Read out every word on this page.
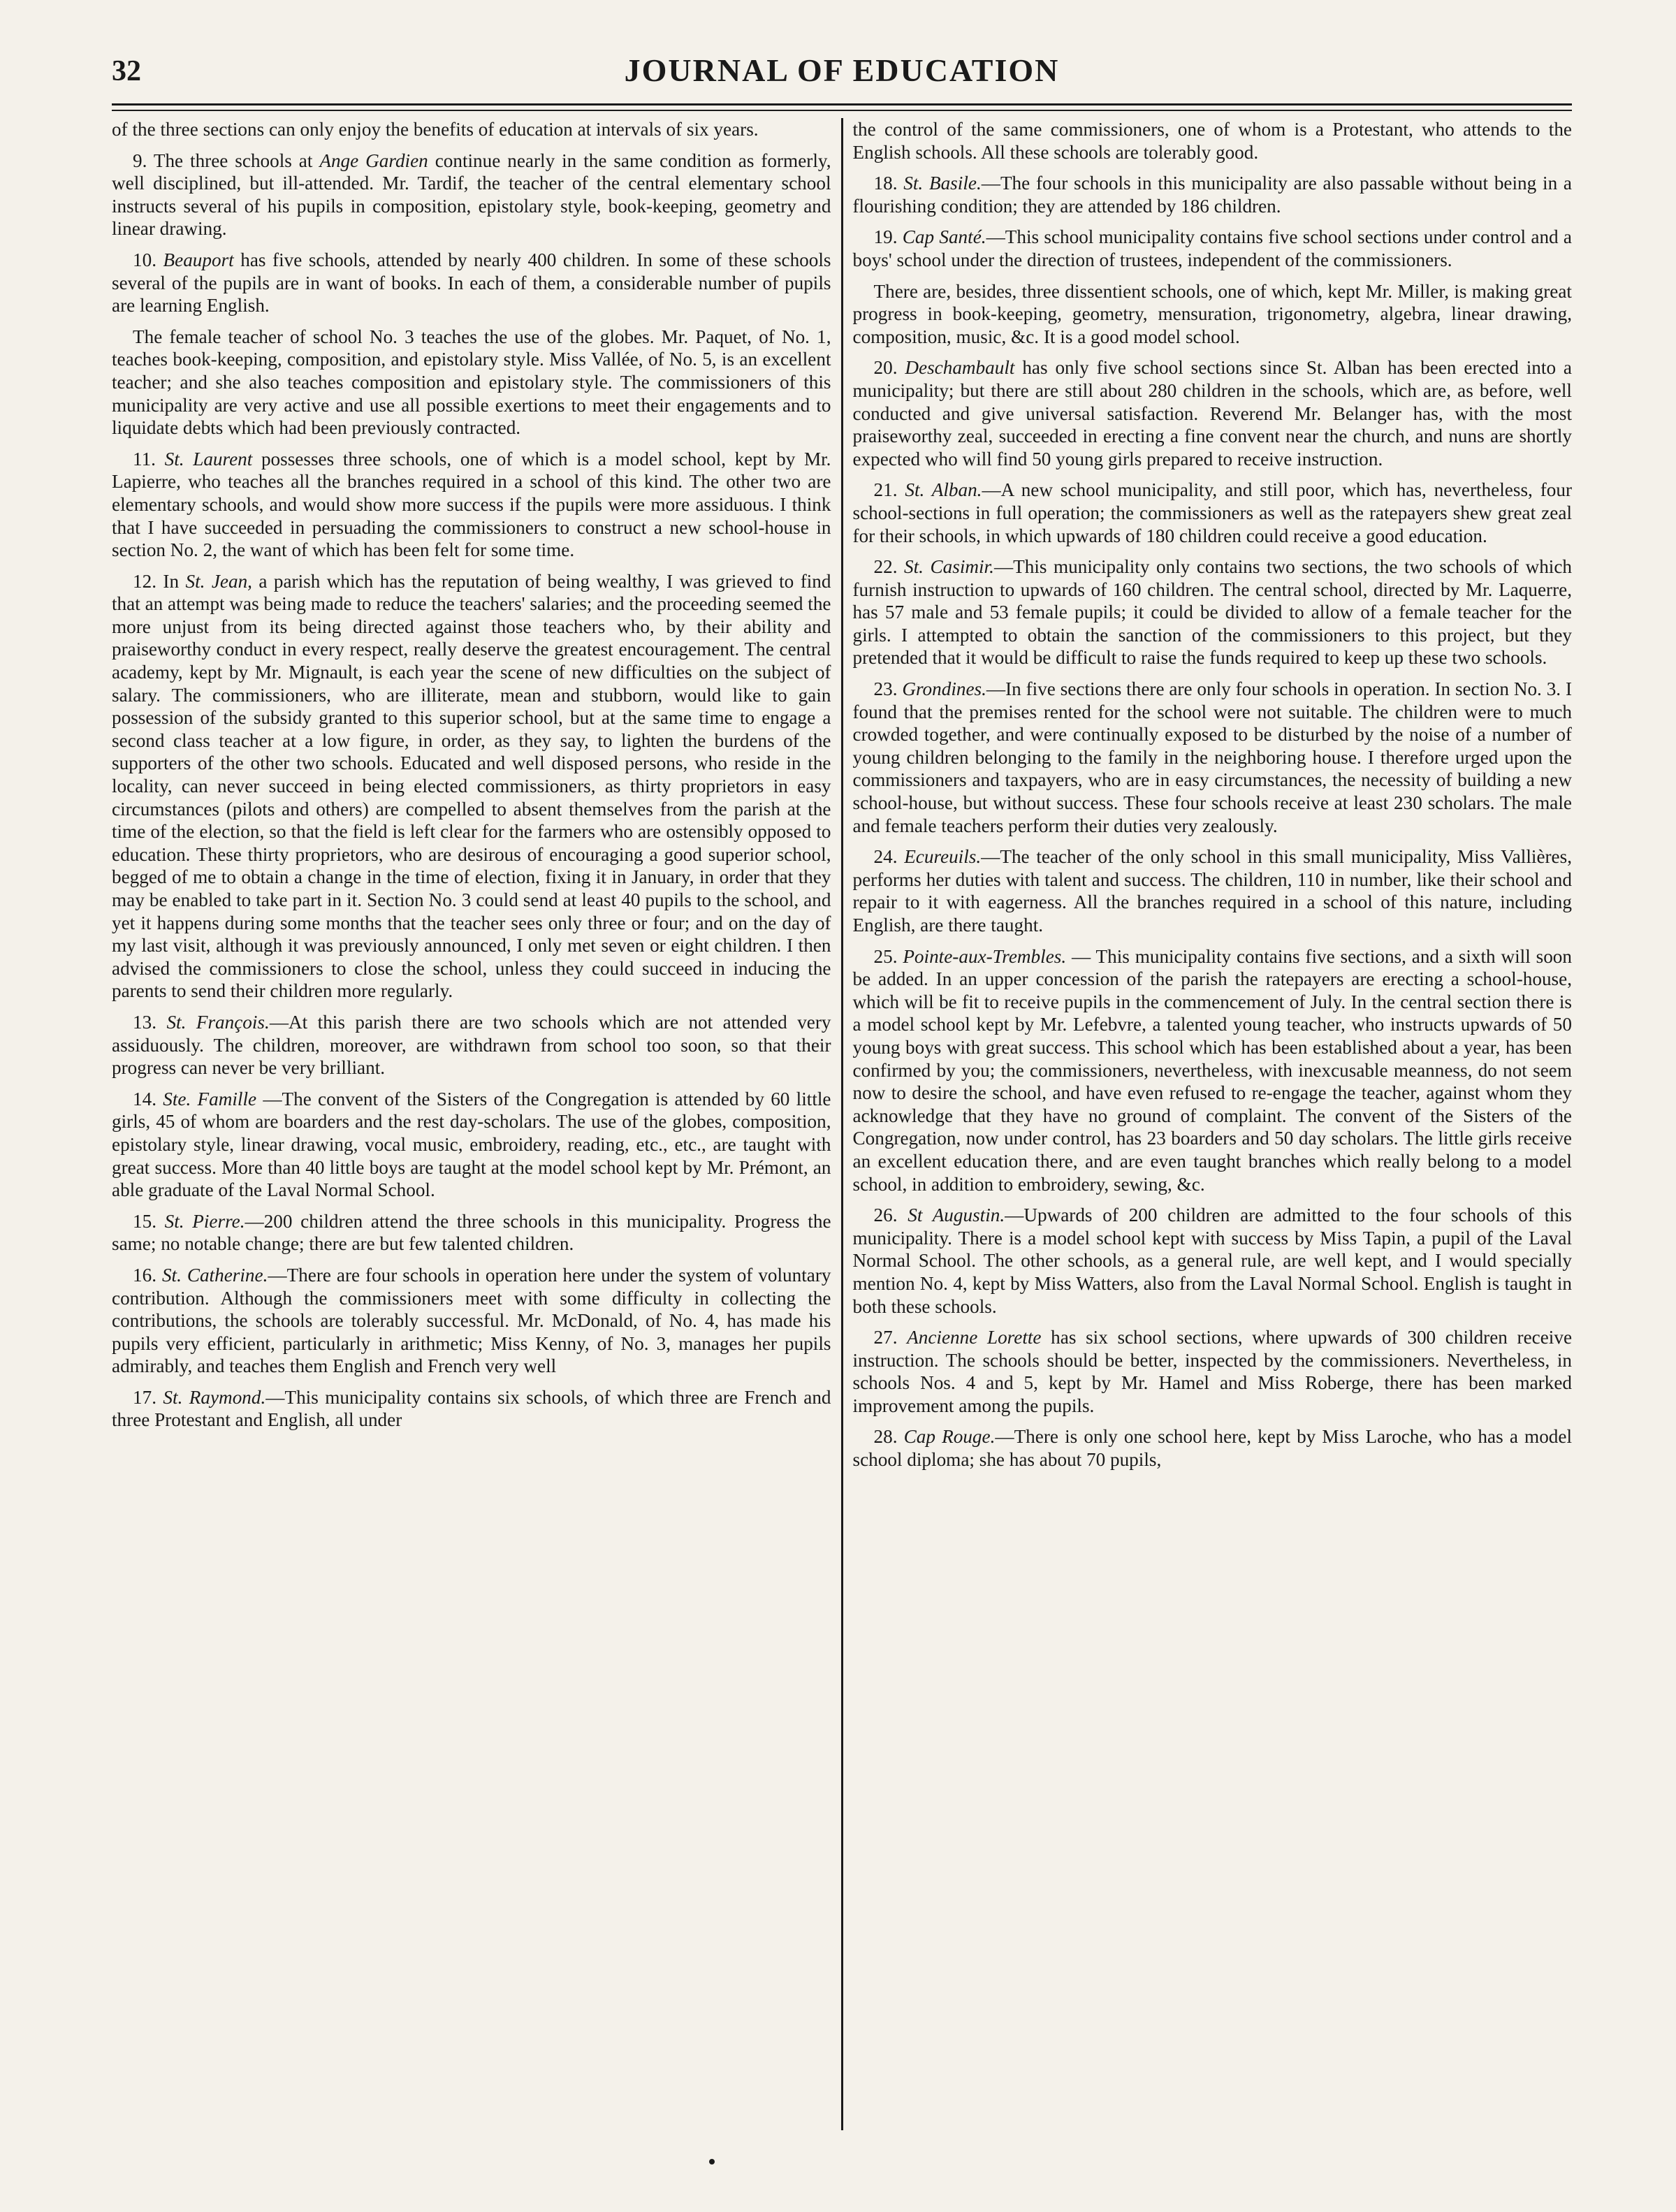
32	JOURNAL OF EDUCATION

of the three sections can only enjoy the benefits of education at intervals of six years.

9. The three schools at Ange Gardien continue nearly in the same condition as formerly, well disciplined, but ill-attended. Mr. Tardif, the teacher of the central elementary school instructs several of his pupils in composition, epistolary style, book-keeping, geometry and linear drawing.

10. Beauport has five schools, attended by nearly 400 children. In some of these schools several of the pupils are in want of books. In each of them, a considerable number of pupils are learning English.

The female teacher of school No. 3 teaches the use of the globes. Mr. Paquet, of No. 1, teaches book-keeping, composition, and epistolary style. Miss Vallée, of No. 5, is an excellent teacher; and she also teaches composition and epistolary style. The commissioners of this municipality are very active and use all possible exertions to meet their engagements and to liquidate debts which had been previously contracted.

11. St. Laurent possesses three schools, one of which is a model school, kept by Mr. Lapierre, who teaches all the branches required in a school of this kind. The other two are elementary schools, and would show more success if the pupils were more assiduous. I think that I have succeeded in persuading the commissioners to construct a new school-house in section No. 2, the want of which has been felt for some time.

12. In St. Jean, a parish which has the reputation of being wealthy, I was grieved to find that an attempt was being made to reduce the teachers' salaries; and the proceeding seemed the more unjust from its being directed against those teachers who, by their ability and praiseworthy conduct in every respect, really deserve the greatest encouragement. The central academy, kept by Mr. Mignault, is each year the scene of new difficulties on the subject of salary. The commissioners, who are illiterate, mean and stubborn, would like to gain possession of the subsidy granted to this superior school, but at the same time to engage a second class teacher at a low figure, in order, as they say, to lighten the burdens of the supporters of the other two schools. Educated and well disposed persons, who reside in the locality, can never succeed in being elected commissioners, as thirty proprietors in easy circumstances (pilots and others) are compelled to absent themselves from the parish at the time of the election, so that the field is left clear for the farmers who are ostensibly opposed to education. These thirty proprietors, who are desirous of encouraging a good superior school, begged of me to obtain a change in the time of election, fixing it in January, in order that they may be enabled to take part in it. Section No. 3 could send at least 40 pupils to the school, and yet it happens during some months that the teacher sees only three or four; and on the day of my last visit, although it was previously announced, I only met seven or eight children. I then advised the commissioners to close the school, unless they could succeed in inducing the parents to send their children more regularly.

13. St. François.—At this parish there are two schools which are not attended very assiduously. The children, moreover, are withdrawn from school too soon, so that their progress can never be very brilliant.

14. Ste. Famille —The convent of the Sisters of the Congregation is attended by 60 little girls, 45 of whom are boarders and the rest day-scholars. The use of the globes, composition, epistolary style, linear drawing, vocal music, embroidery, reading, etc., etc., are taught with great success. More than 40 little boys are taught at the model school kept by Mr. Prémont, an able graduate of the Laval Normal School.

15. St. Pierre.—200 children attend the three schools in this municipality. Progress the same; no notable change; there are but few talented children.

16. St. Catherine.—There are four schools in operation here under the system of voluntary contribution. Although the commissioners meet with some difficulty in collecting the contributions, the schools are tolerably successful. Mr. McDonald, of No. 4, has made his pupils very efficient, particularly in arithmetic; Miss Kenny, of No. 3, manages her pupils admirably, and teaches them English and French very well

17. St. Raymond.—This municipality contains six schools, of which three are French and three Protestant and English, all under

the control of the same commissioners, one of whom is a Protestant, who attends to the English schools. All these schools are tolerably good.

18. St. Basile.—The four schools in this municipality are also passable without being in a flourishing condition; they are attended by 186 children.

19. Cap Santé.—This school municipality contains five school sections under control and a boys' school under the direction of trustees, independent of the commissioners.

There are, besides, three dissentient schools, one of which, kept Mr. Miller, is making great progress in book-keeping, geometry, mensuration, trigonometry, algebra, linear drawing, composition, music, &c. It is a good model school.

20. Deschambault has only five school sections since St. Alban has been erected into a municipality; but there are still about 280 children in the schools, which are, as before, well conducted and give universal satisfaction. Reverend Mr. Belanger has, with the most praiseworthy zeal, succeeded in erecting a fine convent near the church, and nuns are shortly expected who will find 50 young girls prepared to receive instruction.

21. St. Alban.—A new school municipality, and still poor, which has, nevertheless, four school-sections in full operation; the commissioners as well as the ratepayers shew great zeal for their schools, in which upwards of 180 children could receive a good education.

22. St. Casimir.—This municipality only contains two sections, the two schools of which furnish instruction to upwards of 160 children. The central school, directed by Mr. Laquerre, has 57 male and 53 female pupils; it could be divided to allow of a female teacher for the girls. I attempted to obtain the sanction of the commissioners to this project, but they pretended that it would be difficult to raise the funds required to keep up these two schools.

23. Grondines.—In five sections there are only four schools in operation. In section No. 3. I found that the premises rented for the school were not suitable. The children were to much crowded together, and were continually exposed to be disturbed by the noise of a number of young children belonging to the family in the neighboring house. I therefore urged upon the commissioners and taxpayers, who are in easy circumstances, the necessity of building a new school-house, but without success. These four schools receive at least 230 scholars. The male and female teachers perform their duties very zealously.

24. Ecureuils.—The teacher of the only school in this small municipality, Miss Vallières, performs her duties with talent and success. The children, 110 in number, like their school and repair to it with eagerness. All the branches required in a school of this nature, including English, are there taught.

25. Pointe-aux-Trembles. — This municipality contains five sections, and a sixth will soon be added. In an upper concession of the parish the ratepayers are erecting a school-house, which will be fit to receive pupils in the commencement of July. In the central section there is a model school kept by Mr. Lefebvre, a talented young teacher, who instructs upwards of 50 young boys with great success. This school which has been established about a year, has been confirmed by you; the commissioners, nevertheless, with inexcusable meanness, do not seem now to desire the school, and have even refused to re-engage the teacher, against whom they acknowledge that they have no ground of complaint. The convent of the Sisters of the Congregation, now under control, has 23 boarders and 50 day scholars. The little girls receive an excellent education there, and are even taught branches which really belong to a model school, in addition to embroidery, sewing, &c.

26. St Augustin.—Upwards of 200 children are admitted to the four schools of this municipality. There is a model school kept with success by Miss Tapin, a pupil of the Laval Normal School. The other schools, as a general rule, are well kept, and I would specially mention No. 4, kept by Miss Watters, also from the Laval Normal School. English is taught in both these schools.

27. Ancienne Lorette has six school sections, where upwards of 300 children receive instruction. The schools should be better, inspected by the commissioners. Nevertheless, in schools Nos. 4 and 5, kept by Mr. Hamel and Miss Roberge, there has been marked improvement among the pupils.

28. Cap Rouge.—There is only one school here, kept by Miss Laroche, who has a model school diploma; she has about 70 pupils,
